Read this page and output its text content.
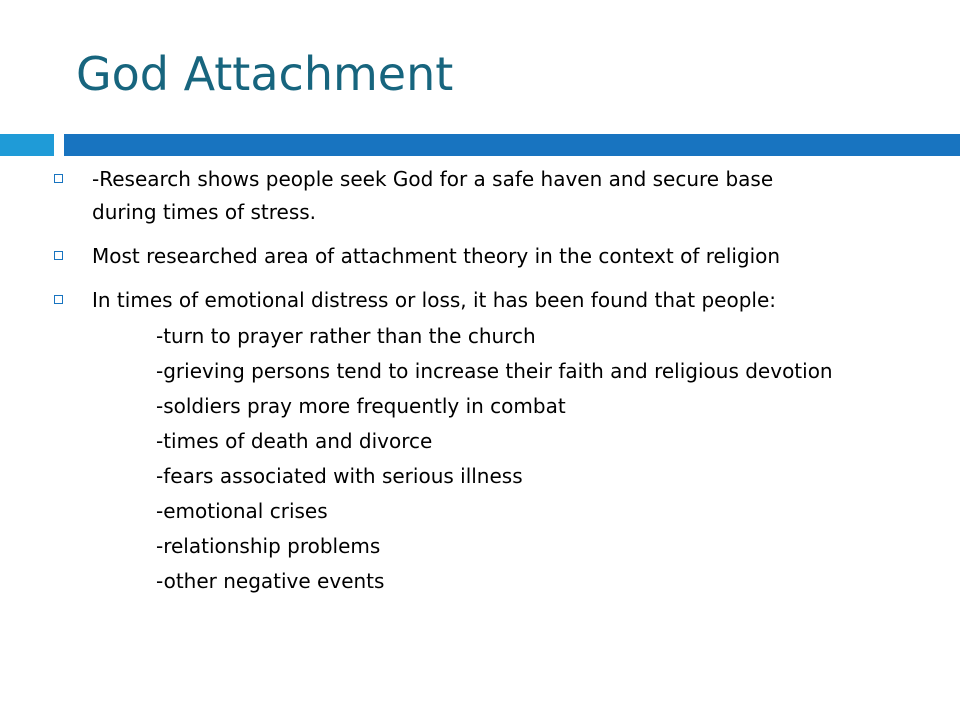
God Attachment
-Research shows people seek God for a safe haven and secure base during times of stress.
Most researched area of attachment theory in the context of religion
In times of emotional distress or loss, it has been found that people:
-turn to prayer rather than the church
-grieving persons tend to increase their faith and religious devotion
-soldiers pray more frequently in combat
-times of death and divorce
-fears associated with serious illness
-emotional crises
-relationship problems
-other negative events
